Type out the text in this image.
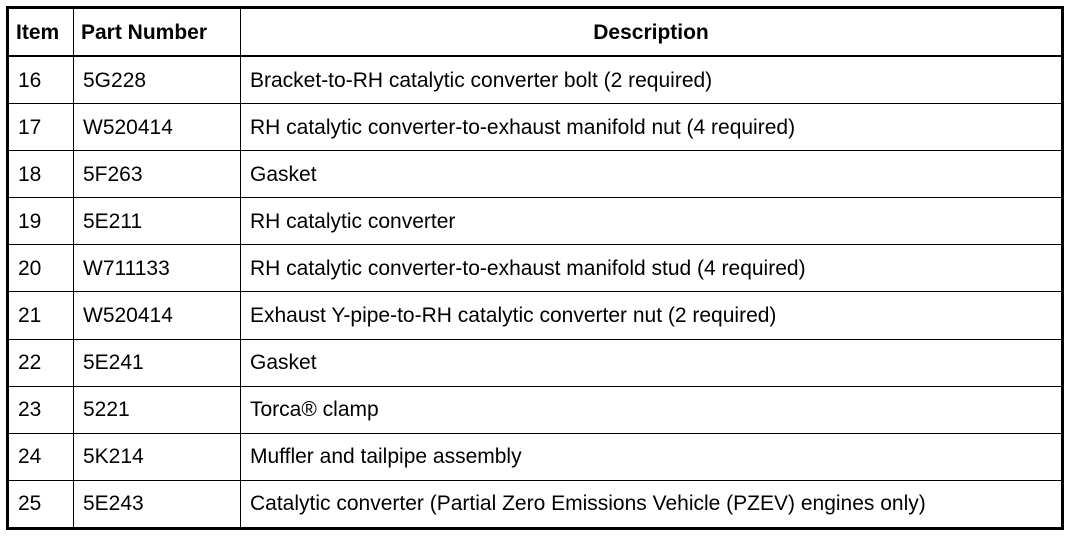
Item	Part Number	Description
16	5G228	Bracket-to-RH catalytic converter bolt (2 required)
17	W520414	RH catalytic converter-to-exhaust manifold nut (4 required)
18	5F263	Gasket
19	5E211	RH catalytic converter
20	W711133	RH catalytic converter-to-exhaust manifold stud (4 required)
21	W520414	Exhaust Y-pipe-to-RH catalytic converter nut (2 required)
22	5E241	Gasket
23	5221	Torca® clamp
24	5K214	Muffler and tailpipe assembly
25	5E243	Catalytic converter (Partial Zero Emissions Vehicle (PZEV) engines only)
